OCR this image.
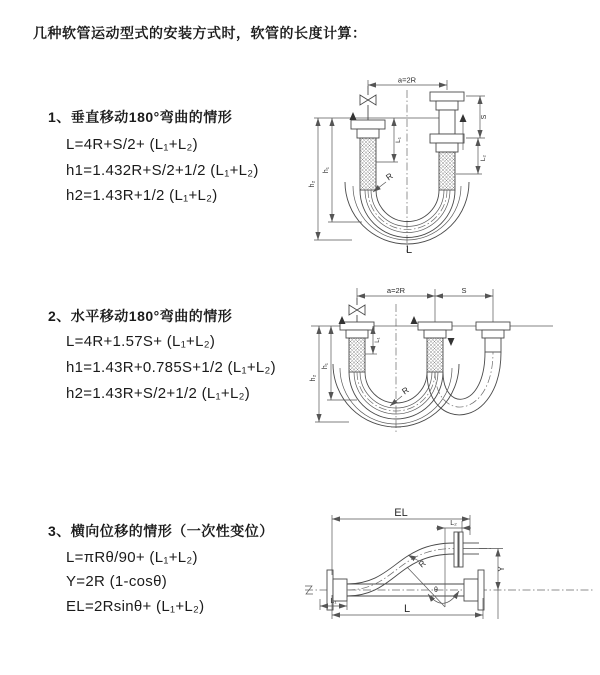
几种软管运动型式的安装方式时，软管的长度计算：
1、垂直移动180°弯曲的情形
L=4R+S/2+ (L₁+L₂)
h1=1.432R+S/2+1/2 (L₁+L₂)
h2=1.43R+1/2 (L₁+L₂)
2、水平移动180°弯曲的情形
L=4R+1.57S+ (L₁+L₂)
h1=1.43R+0.785S+1/2 (L₁+L₂)
h2=1.43R+S/2+1/2 (L₁+L₂)
3、横向位移的情形（一次性变位）
L=πRθ/90+ (L₁+L₂)
Y=2R (1-cosθ)
EL=2Rsinθ+ (L₁+L₂)
a=2R
S
L₂
L₁
h₁
h₂
R
L
a=2R	S
h₁
h₂
L₁
R
EL
L₂
θ
R	Y
L₁
L
